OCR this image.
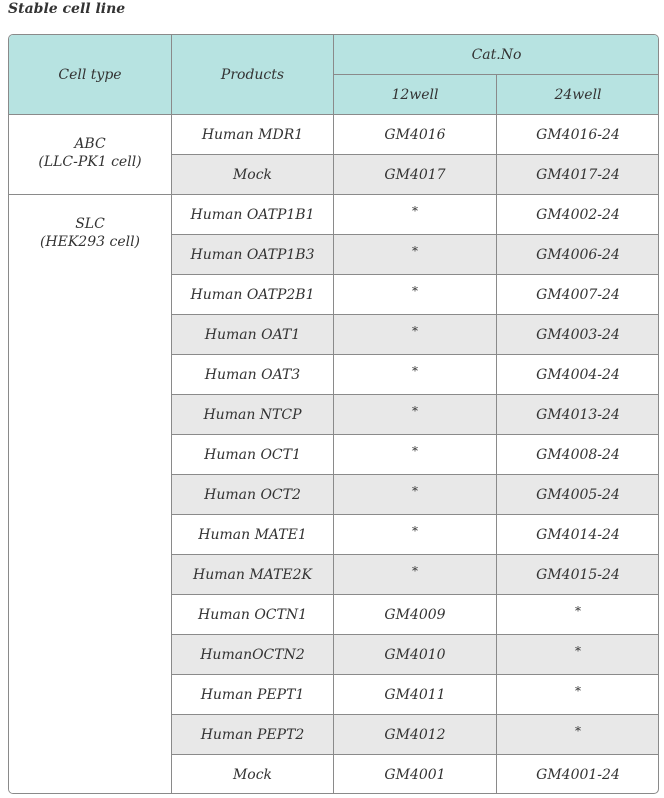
Stable cell line
Cell type	Products	Cat.No	
		12well	24well

ABC
(LLC-PK1 cell)	Human MDR1	GM4016	GM4016-24
	Mock	GM4017	GM4017-24

SLC
(HEK293 cell)	Human OATP1B1	*	GM4002-24
	Human OATP1B3	*	GM4006-24
	Human OATP2B1	*	GM4007-24
	Human OAT1	*	GM4003-24
	Human OAT3	*	GM4004-24
	Human NTCP	*	GM4013-24
	Human OCT1	*	GM4008-24
	Human OCT2	*	GM4005-24
	Human MATE1	*	GM4014-24
	Human MATE2K	*	GM4015-24
	Human OCTN1	GM4009	*
	HumanOCTN2	GM4010	*
	Human PEPT1	GM4011	*
	Human PEPT2	GM4012	*
	Mock	GM4001	GM4001-24
